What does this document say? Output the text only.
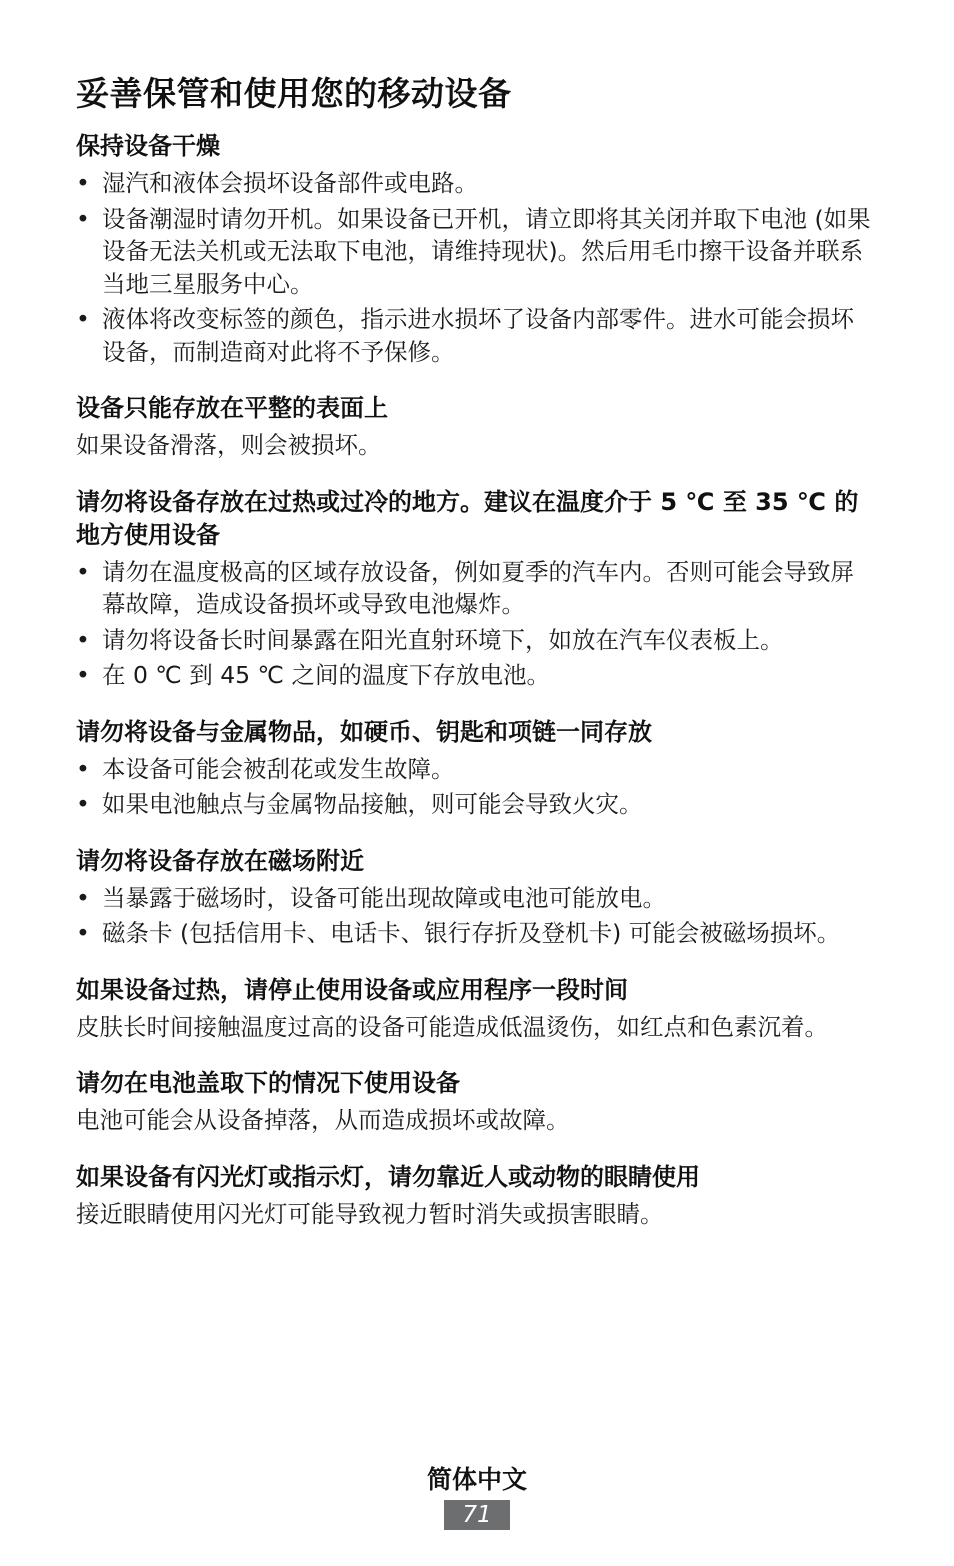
妥善保管和使用您的移动设备
保持设备干燥
• 湿汽和液体会损坏设备部件或电路。
• 设备潮湿时请勿开机。如果设备已开机，请立即将其关闭并取下电池 (如果设备无法关机或无法取下电池，请维持现状)。然后用毛巾擦干设备并联系当地三星服务中心。
• 液体将改变标签的颜色，指示进水损坏了设备内部零件。进水可能会损坏设备，而制造商对此将不予保修。
设备只能存放在平整的表面上

如果设备滑落，则会被损坏。

请勿将设备存放在过热或过冷的地方。建议在温度介于 5 ℃ 至 35 ℃ 的地方使用设备
• 请勿在温度极高的区域存放设备，例如夏季的汽车内。否则可能会导致屏幕故障，造成设备损坏或导致电池爆炸。
• 请勿将设备长时间暴露在阳光直射环境下，如放在汽车仪表板上。
• 在 0 ℃ 到 45 ℃ 之间的温度下存放电池。
请勿将设备与金属物品，如硬币、钥匙和项链一同存放
• 本设备可能会被刮花或发生故障。
• 如果电池触点与金属物品接触，则可能会导致火灾。
请勿将设备存放在磁场附近
• 当暴露于磁场时，设备可能出现故障或电池可能放电。
• 磁条卡 (包括信用卡、电话卡、银行存折及登机卡) 可能会被磁场损坏。
如果设备过热，请停止使用设备或应用程序一段时间

皮肤长时间接触温度过高的设备可能造成低温烫伤，如红点和色素沉着。

请勿在电池盖取下的情况下使用设备

电池可能会从设备掉落，从而造成损坏或故障。

如果设备有闪光灯或指示灯，请勿靠近人或动物的眼睛使用

接近眼睛使用闪光灯可能导致视力暂时消失或损害眼睛。

简体中文
71
